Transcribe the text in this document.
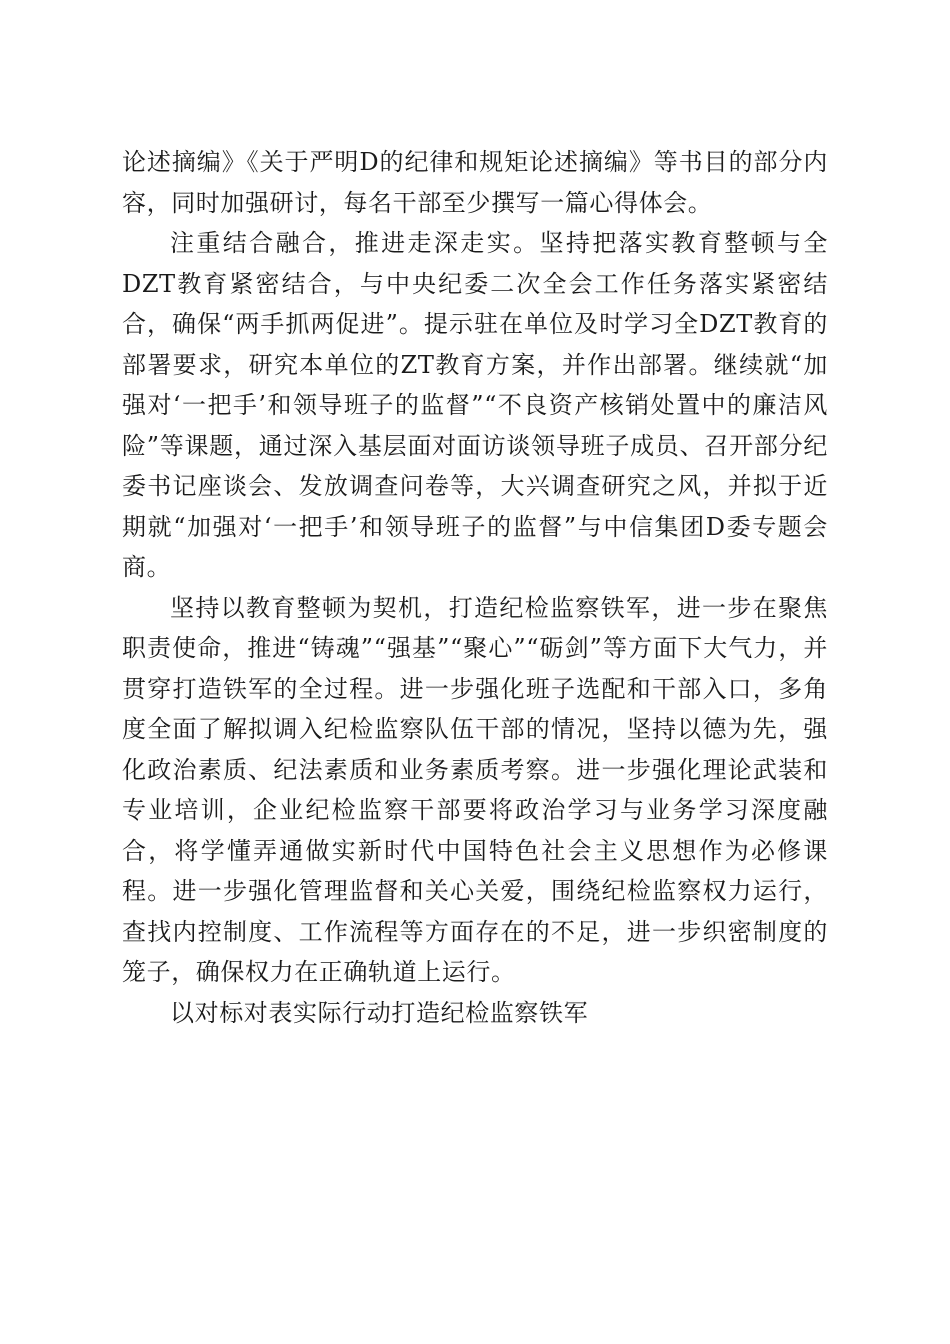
论述摘编》《关于严明D的纪律和规矩论述摘编》等书目的部分内容，同时加强研讨，每名干部至少撰写一篇心得体会。

注重结合融合，推进走深走实。坚持把落实教育整顿与全DZT教育紧密结合，与中央纪委二次全会工作任务落实紧密结合，确保“两手抓两促进”。提示驻在单位及时学习全DZT教育的部署要求，研究本单位的ZT教育方案，并作出部署。继续就“加强对‘一把手’和领导班子的监督”“不良资产核销处置中的廉洁风险”等课题，通过深入基层面对面访谈领导班子成员、召开部分纪委书记座谈会、发放调查问卷等，大兴调查研究之风，并拟于近期就“加强对‘一把手’和领导班子的监督”与中信集团D委专题会商。

坚持以教育整顿为契机，打造纪检监察铁军，进一步在聚焦职责使命，推进“铸魂”“强基”“聚心”“砺剑”等方面下大气力，并贯穿打造铁军的全过程。进一步强化班子选配和干部入口，多角度全面了解拟调入纪检监察队伍干部的情况，坚持以德为先，强化政治素质、纪法素质和业务素质考察。进一步强化理论武装和专业培训，企业纪检监察干部要将政治学习与业务学习深度融合，将学懂弄通做实新时代中国特色社会主义思想作为必修课程。进一步强化管理监督和关心关爱，围绕纪检监察权力运行，查找内控制度、工作流程等方面存在的不足，进一步织密制度的笼子，确保权力在正确轨道上运行。

以对标对表实际行动打造纪检监察铁军
